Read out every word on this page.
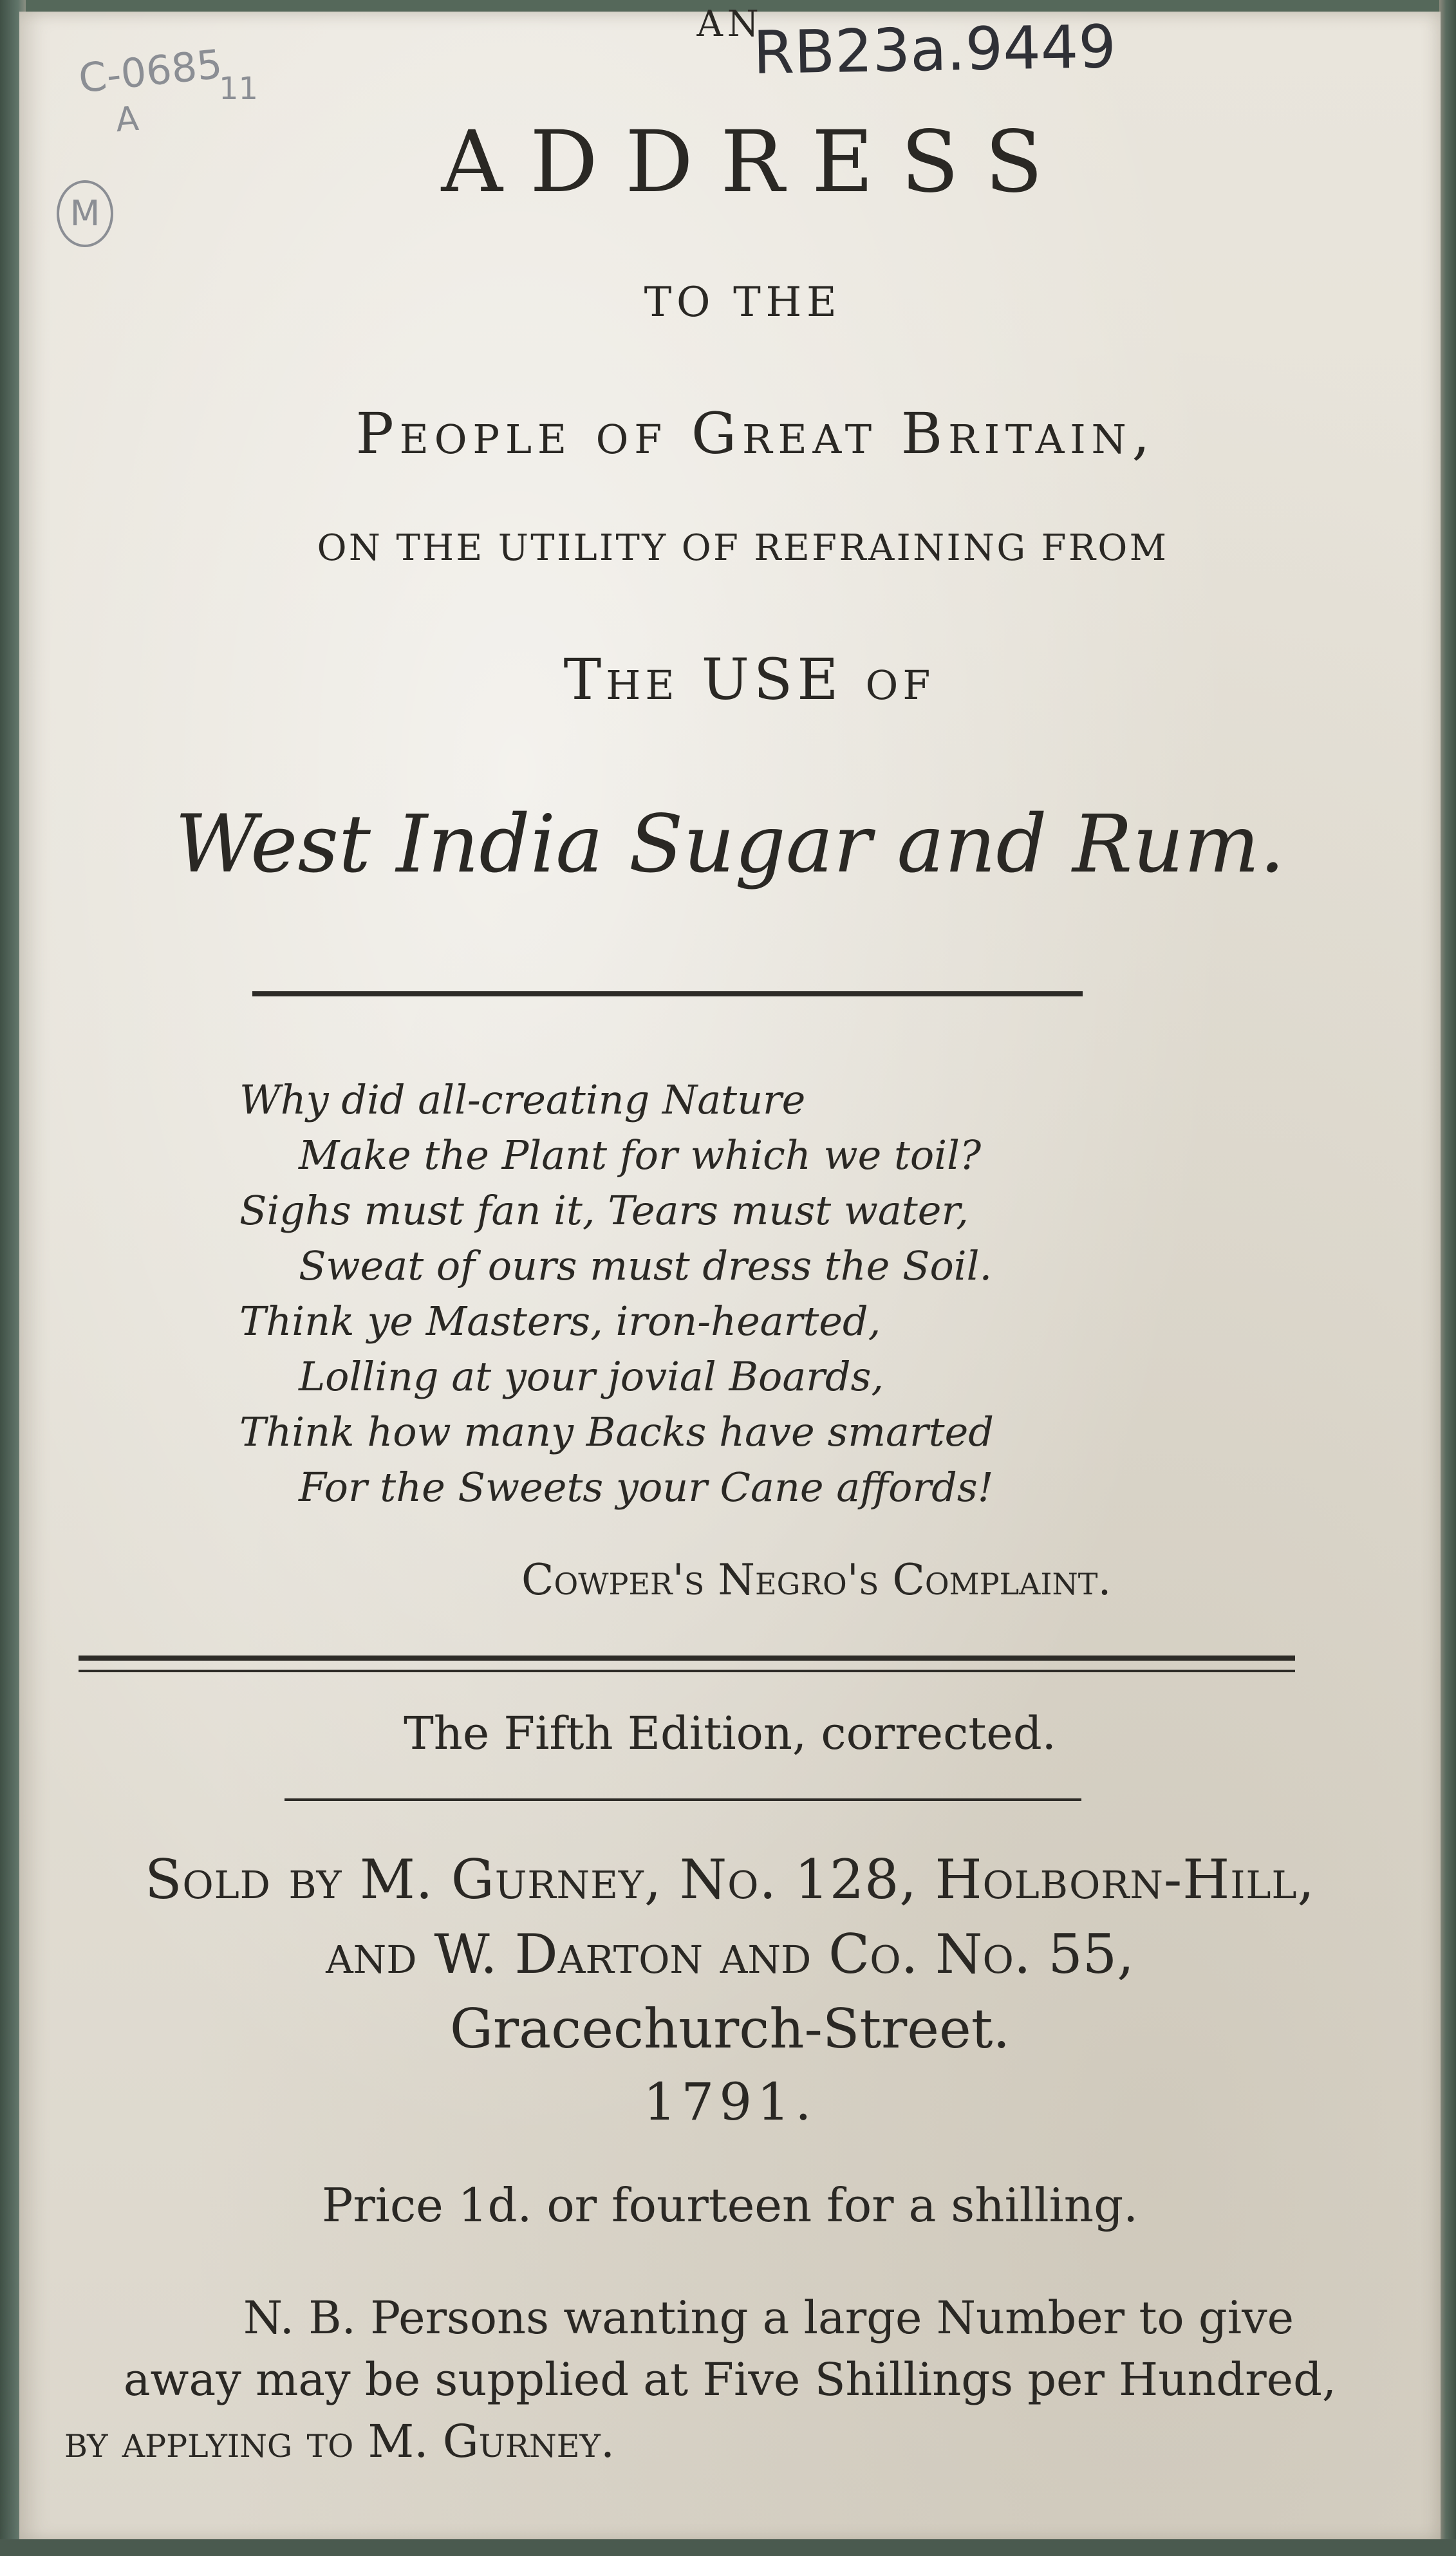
RB23a.9449
C-0685
A
11
M
AN
ADDRESS
TO THE
People of Great Britain,
ON THE UTILITY OF REFRAINING FROM
The USE of
West India Sugar and Rum.
Why did all-creating Nature
Make the Plant for which we toil?
Sighs must fan it, Tears must water,
Sweat of ours must dress the Soil.
Think ye Masters, iron-hearted,
Lolling at your jovial Boards,
Think how many Backs have smarted
For the Sweets your Cane affords!
Cowper's Negro's Complaint.
The Fifth Edition, corrected.
Sold by M. Gurney, No. 128, Holborn-Hill,
and W. Darton and Co. No. 55,
Gracechurch-Street.
1791.
Price 1d. or fourteen for a shilling.
N. B. Persons wanting a large Number to give
away may be supplied at Five Shillings per Hundred,
by applying to M. Gurney.
